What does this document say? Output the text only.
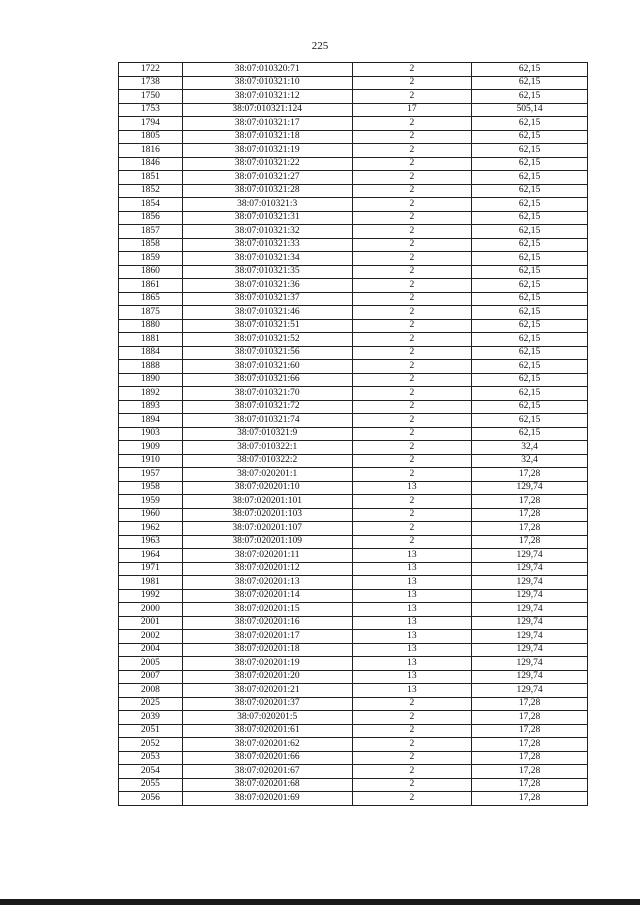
225
1722	38:07:010320:71	2	62,15
1738	38:07:010321:10	2	62,15
1750	38:07:010321:12	2	62,15
1753	38:07:010321:124	17	505,14
1794	38:07:010321:17	2	62,15
1805	38:07:010321:18	2	62,15
1816	38:07:010321:19	2	62,15
1846	38:07:010321:22	2	62,15
1851	38:07:010321:27	2	62,15
1852	38:07:010321:28	2	62,15
1854	38:07:010321:3	2	62,15
1856	38:07:010321:31	2	62,15
1857	38:07:010321:32	2	62,15
1858	38:07:010321:33	2	62,15
1859	38:07:010321:34	2	62,15
1860	38:07:010321:35	2	62,15
1861	38:07:010321:36	2	62,15
1865	38:07:010321:37	2	62,15
1875	38:07:010321:46	2	62,15
1880	38:07:010321:51	2	62,15
1881	38:07:010321:52	2	62,15
1884	38:07:010321:56	2	62,15
1888	38:07:010321:60	2	62,15
1890	38:07:010321:66	2	62,15
1892	38:07:010321:70	2	62,15
1893	38:07:010321:72	2	62,15
1894	38:07:010321:74	2	62,15
1903	38:07:010321:9	2	62,15
1909	38:07:010322:1	2	32,4
1910	38:07:010322:2	2	32,4
1957	38:07:020201:1	2	17,28
1958	38:07:020201:10	13	129,74
1959	38:07:020201:101	2	17,28
1960	38:07:020201:103	2	17,28
1962	38:07:020201:107	2	17,28
1963	38:07:020201:109	2	17,28
1964	38:07:020201:11	13	129,74
1971	38:07:020201:12	13	129,74
1981	38:07:020201:13	13	129,74
1992	38:07:020201:14	13	129,74
2000	38:07:020201:15	13	129,74
2001	38:07:020201:16	13	129,74
2002	38:07:020201:17	13	129,74
2004	38:07:020201:18	13	129,74
2005	38:07:020201:19	13	129,74
2007	38:07:020201:20	13	129,74
2008	38:07:020201:21	13	129,74
2025	38:07:020201:37	2	17,28
2039	38:07:020201:5	2	17,28
2051	38:07:020201:61	2	17,28
2052	38:07:020201:62	2	17,28
2053	38:07:020201:66	2	17,28
2054	38:07:020201:67	2	17,28
2055	38:07:020201:68	2	17,28
2056	38:07:020201:69	2	17,28
